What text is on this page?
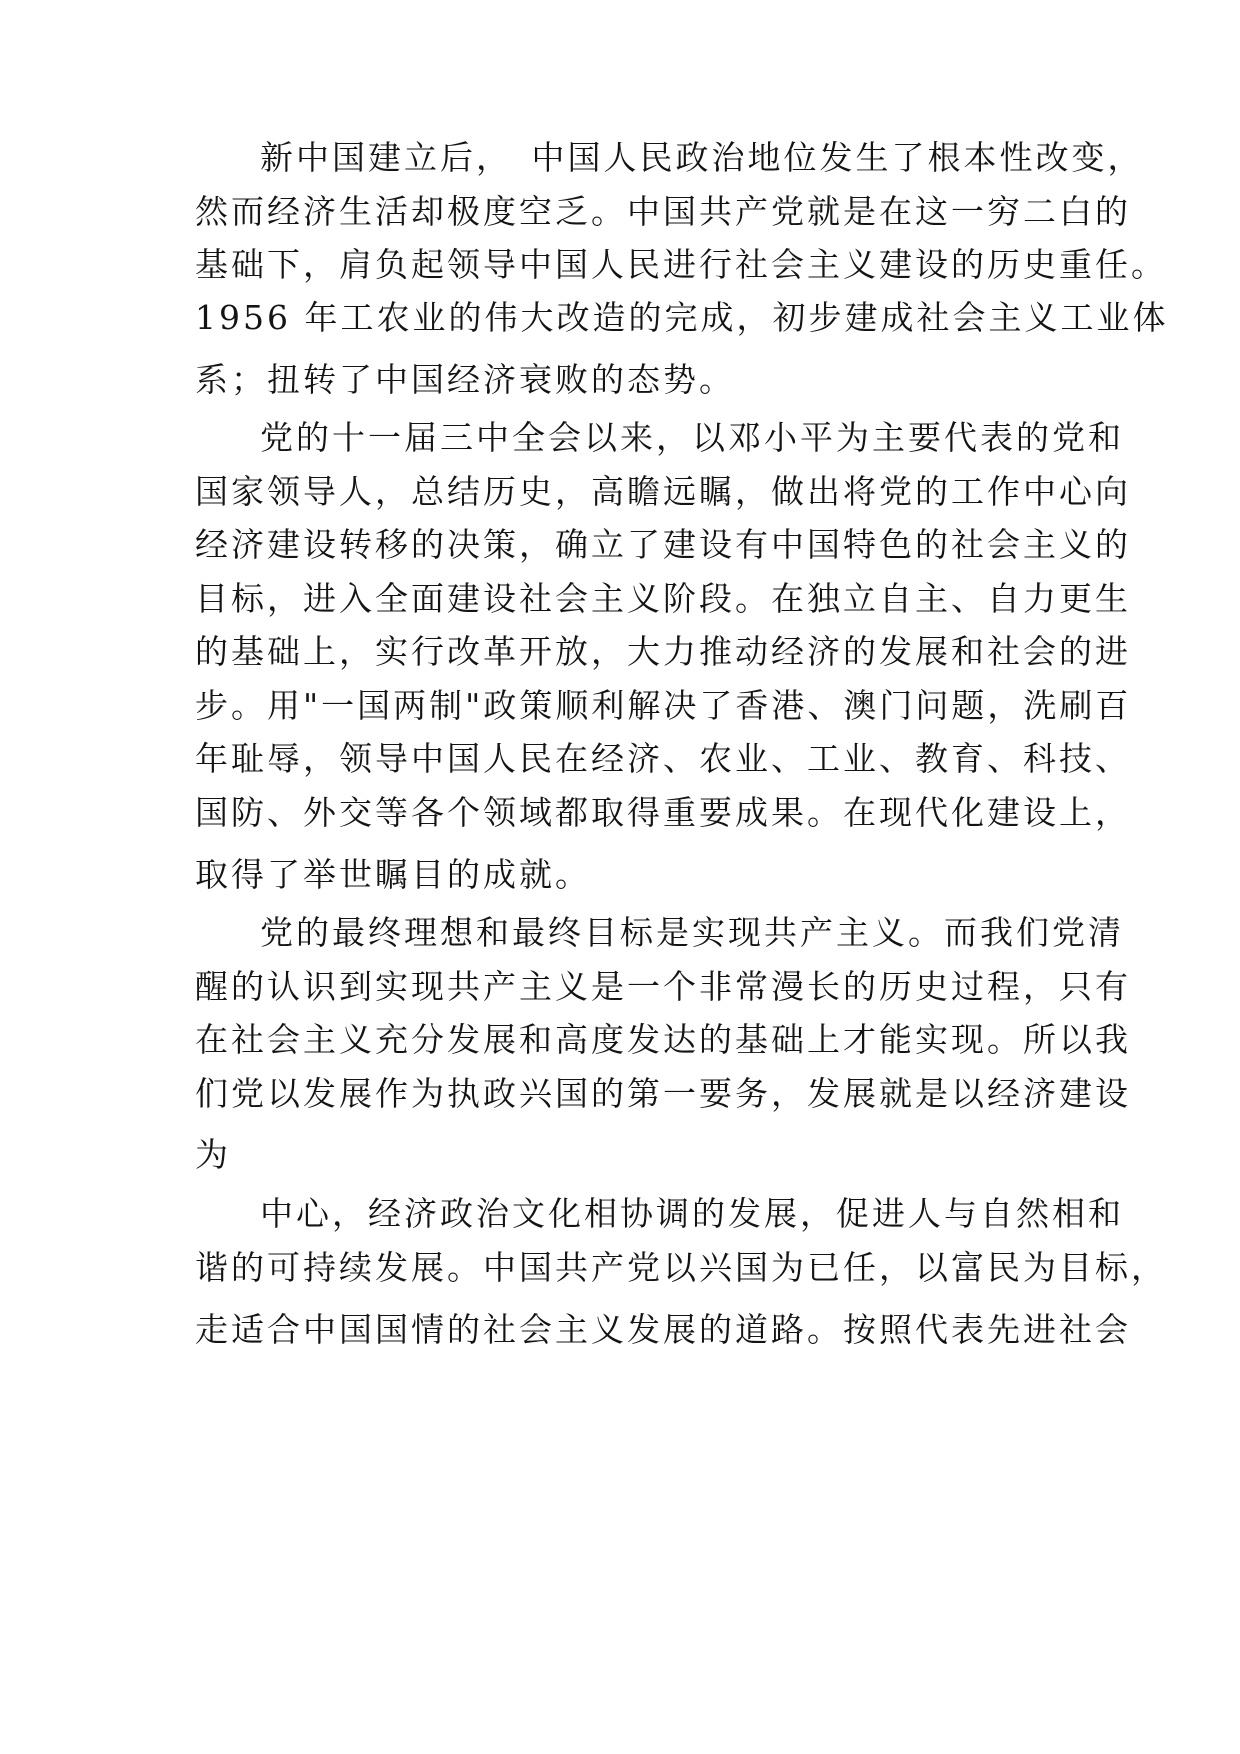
新中国建立后，　中国人民政治地位发生了根本性改变，
然而经济生活却极度空乏。中国共产党就是在这一穷二白的
基础下，肩负起领导中国人民进行社会主义建设的历史重任。
1956 年工农业的伟大改造的完成，初步建成社会主义工业体
系；扭转了中国经济衰败的态势。
党的十一届三中全会以来，以邓小平为主要代表的党和
国家领导人，总结历史，高瞻远瞩，做出将党的工作中心向
经济建设转移的决策，确立了建设有中国特色的社会主义的
目标，进入全面建设社会主义阶段。在独立自主、自力更生
的基础上，实行改革开放，大力推动经济的发展和社会的进
步。用"一国两制"政策顺利解决了香港、澳门问题，洗刷百
年耻辱，领导中国人民在经济、农业、工业、教育、科技、
国防、外交等各个领域都取得重要成果。在现代化建设上，
取得了举世瞩目的成就。
党的最终理想和最终目标是实现共产主义。而我们党清
醒的认识到实现共产主义是一个非常漫长的历史过程，只有
在社会主义充分发展和高度发达的基础上才能实现。所以我
们党以发展作为执政兴国的第一要务，发展就是以经济建设
为
中心，经济政治文化相协调的发展，促进人与自然相和
谐的可持续发展。中国共产党以兴国为已任，以富民为目标，
走适合中国国情的社会主义发展的道路。按照代表先进社会
